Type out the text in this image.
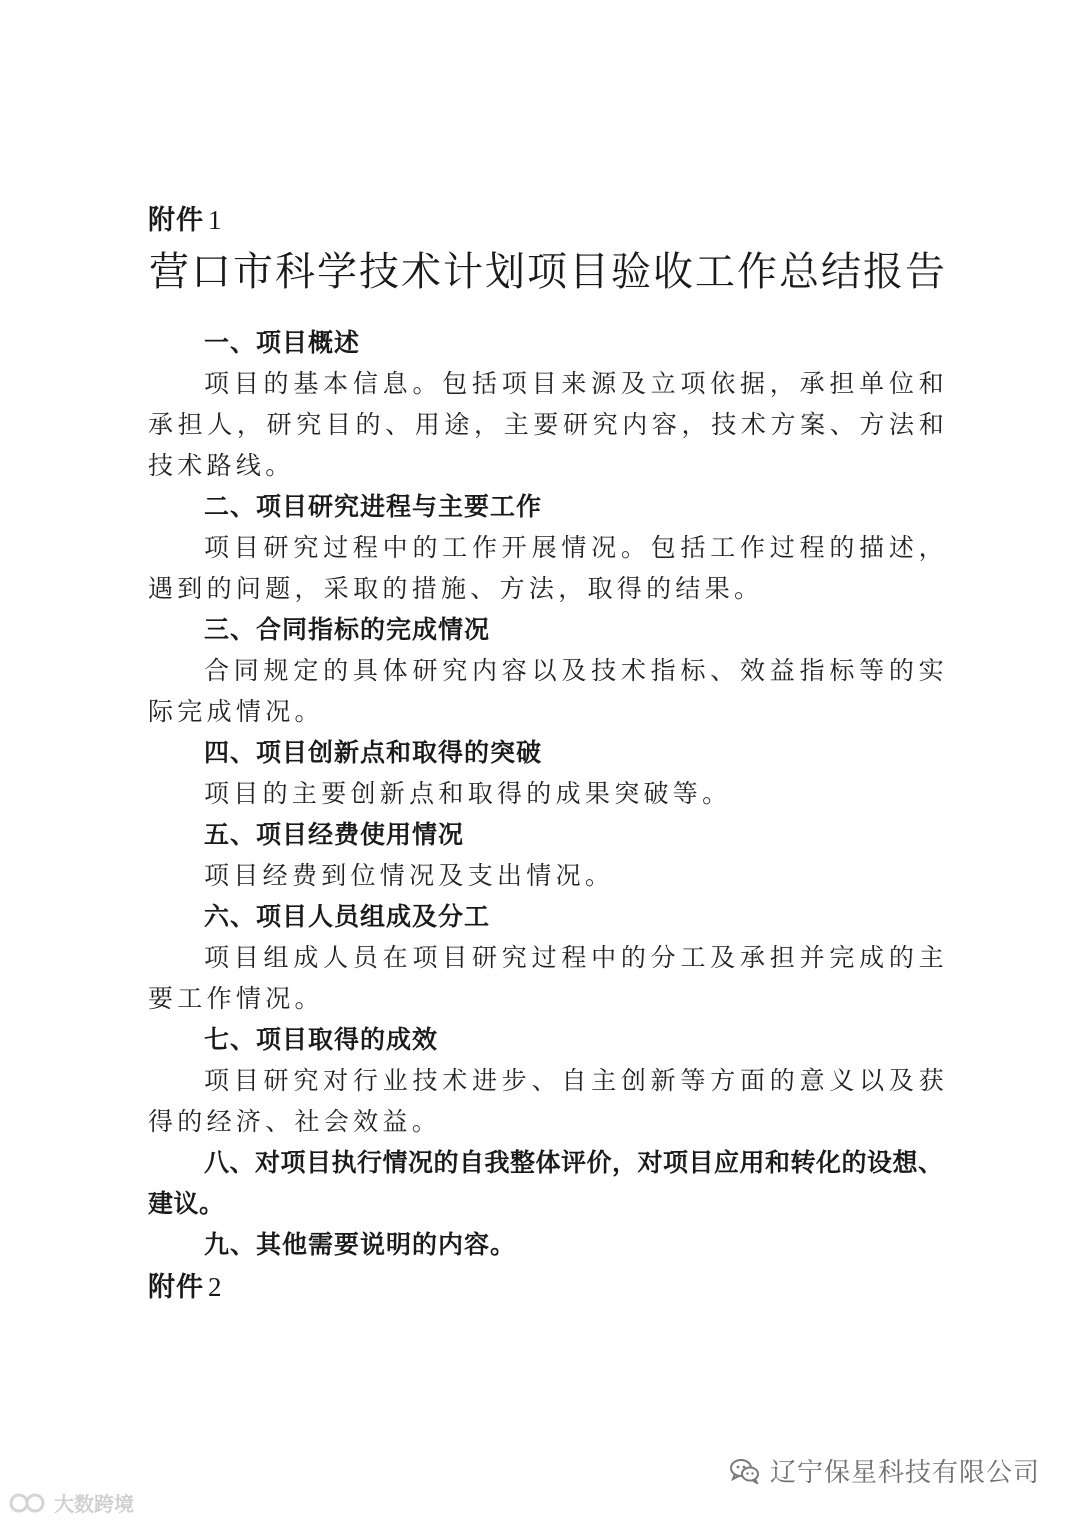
附件 1
营口市科学技术计划项目验收工作总结报告

一、项目概述

项目的基本信息。包括项目来源及立项依据，承担单位和承担人，研究目的、用途，主要研究内容，技术方案、方法和技术路线。

二、项目研究进程与主要工作

项目研究过程中的工作开展情况。包括工作过程的描述，遇到的问题，采取的措施、方法，取得的结果。

三、合同指标的完成情况

合同规定的具体研究内容以及技术指标、效益指标等的实际完成情况。

四、项目创新点和取得的突破

项目的主要创新点和取得的成果突破等。

五、项目经费使用情况

项目经费到位情况及支出情况。

六、项目人员组成及分工

项目组成人员在项目研究过程中的分工及承担并完成的主要工作情况。

七、项目取得的成效

项目研究对行业技术进步、自主创新等方面的意义以及获得的经济、社会效益。

八、对项目执行情况的自我整体评价，对项目应用和转化的设想、建议。

九、其他需要说明的内容。

附件 2
辽宁保星科技有限公司
大数跨境
